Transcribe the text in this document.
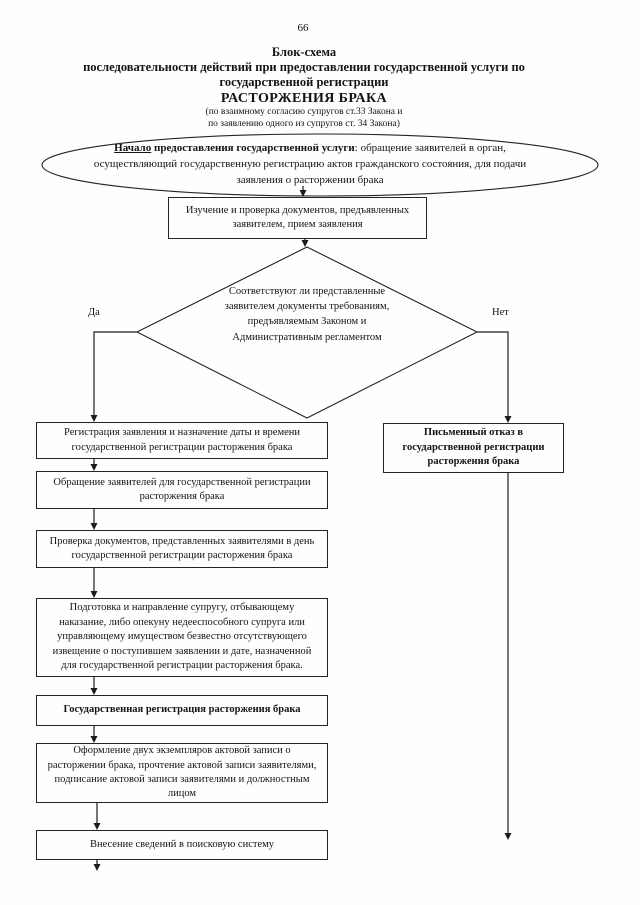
66
Блок-схема
последовательности действий при предоставлении государственной услуги по
государственной регистрации
РАСТОРЖЕНИЯ БРАКА
(по взаимному согласию супругов ст.33 Закона и
по заявлению одного из супругов ст. 34 Закона)
Начало предоставления государственной услуги: обращение заявителей в орган, осуществляющий государственную регистрацию актов гражданского состояния, для подачи заявления о расторжении брака
Изучение и проверка документов, предъявленных заявителем, прием заявления
Соответствуют ли представленные заявителем документы требованиям, предъявляемым Законом и Административным регламентом
Да	Нет
Регистрация заявления и назначение даты и времени государственной регистрации расторжения брака
Обращение заявителей для государственной регистрации расторжения брака
Проверка документов, представленных заявителями в день государственной регистрации расторжения брака
Подготовка и направление супругу, отбывающему наказание, либо опекуну недееспособного супруга или управляющему имуществом безвестно отсутствующего извещение о поступившем заявлении и дате, назначенной для государственной регистрации расторжения брака.
Государственная регистрация расторжения брака
Оформление двух экземпляров актовой записи о расторжении брака, прочтение актовой записи заявителями, подписание актовой записи заявителями и должностным лицом
Внесение сведений в поисковую систему
Письменный отказ в государственной регистрации расторжения брака
